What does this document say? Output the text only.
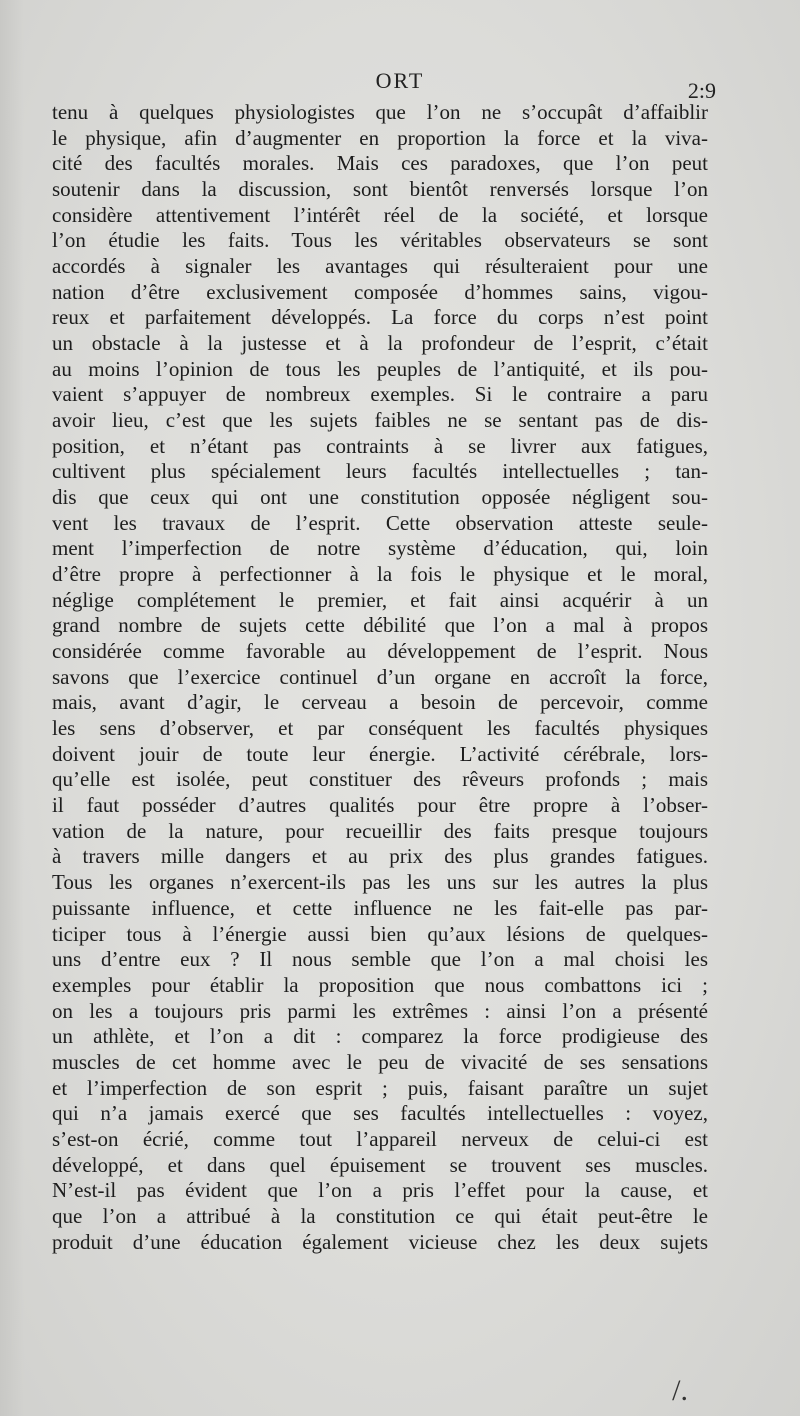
ORT	2:9
tenu à quelques physiologistes que l’on ne s’occupât d’affaiblir
le physique, afin d’augmenter en proportion la force et la viva-
cité des facultés morales. Mais ces paradoxes, que l’on peut
soutenir dans la discussion, sont bientôt renversés lorsque l’on
considère attentivement l’intérêt réel de la société, et lorsque
l’on étudie les faits. Tous les véritables observateurs se sont
accordés à signaler les avantages qui résulteraient pour une
nation d’être exclusivement composée d’hommes sains, vigou-
reux et parfaitement développés. La force du corps n’est point
un obstacle à la justesse et à la profondeur de l’esprit, c’était
au moins l’opinion de tous les peuples de l’antiquité, et ils pou-
vaient s’appuyer de nombreux exemples. Si le contraire a paru
avoir lieu, c’est que les sujets faibles ne se sentant pas de dis-
position, et n’étant pas contraints à se livrer aux fatigues,
cultivent plus spécialement leurs facultés intellectuelles ; tan-
dis que ceux qui ont une constitution opposée négligent sou-
vent les travaux de l’esprit. Cette observation atteste seule-
ment l’imperfection de notre système d’éducation, qui, loin
d’être propre à perfectionner à la fois le physique et le moral,
néglige complétement le premier, et fait ainsi acquérir à un
grand nombre de sujets cette débilité que l’on a mal à propos
considérée comme favorable au développement de l’esprit. Nous
savons que l’exercice continuel d’un organe en accroît la force,
mais, avant d’agir, le cerveau a besoin de percevoir, comme
les sens d’observer, et par conséquent les facultés physiques
doivent jouir de toute leur énergie. L’activité cérébrale, lors-
qu’elle est isolée, peut constituer des rêveurs profonds ; mais
il faut posséder d’autres qualités pour être propre à l’obser-
vation de la nature, pour recueillir des faits presque toujours
à travers mille dangers et au prix des plus grandes fatigues.
Tous les organes n’exercent-ils pas les uns sur les autres la plus
puissante influence, et cette influence ne les fait-elle pas par-
ticiper tous à l’énergie aussi bien qu’aux lésions de quelques-
uns d’entre eux ? Il nous semble que l’on a mal choisi les
exemples pour établir la proposition que nous combattons ici ;
on les a toujours pris parmi les extrêmes : ainsi l’on a présenté
un athlète, et l’on a dit : comparez la force prodigieuse des
muscles de cet homme avec le peu de vivacité de ses sensations
et l’imperfection de son esprit ; puis, faisant paraître un sujet
qui n’a jamais exercé que ses facultés intellectuelles : voyez,
s’est-on écrié, comme tout l’appareil nerveux de celui-ci est
développé, et dans quel épuisement se trouvent ses muscles.
N’est-il pas évident que l’on a pris l’effet pour la cause, et
que l’on a attribué à la constitution ce qui était peut-être le
produit d’une éducation également vicieuse chez les deux sujets
/.
